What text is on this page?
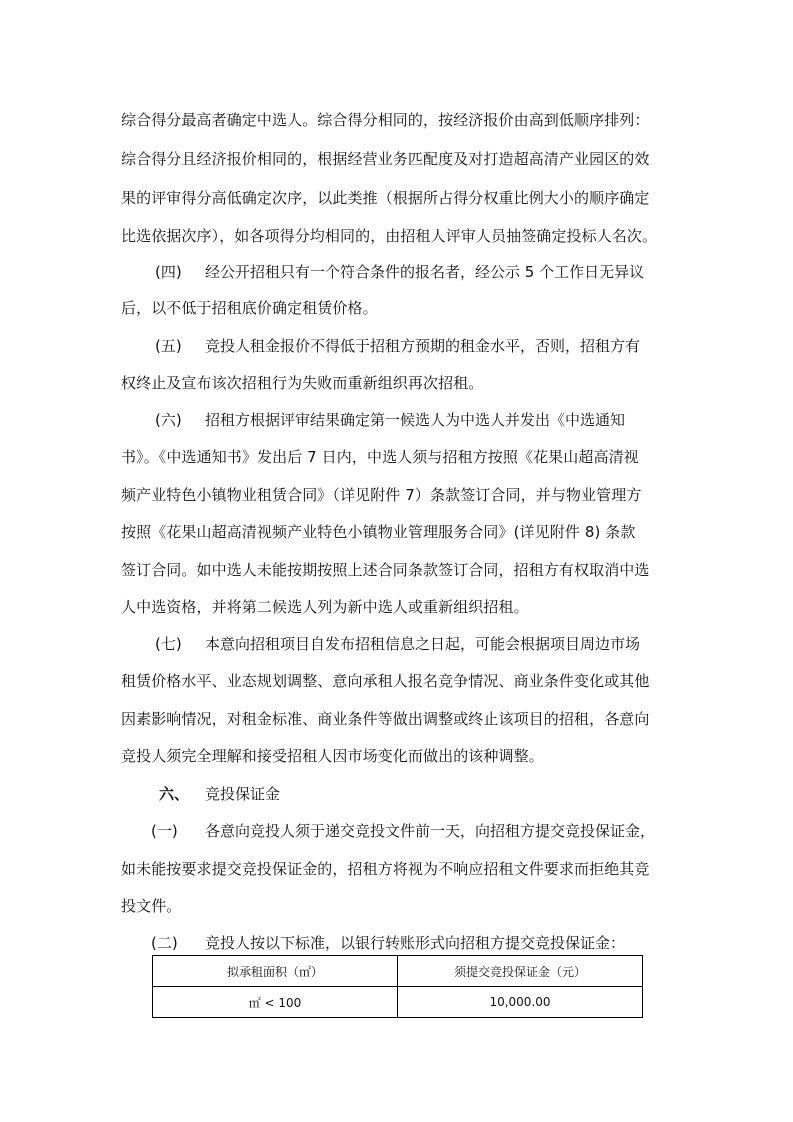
综合得分最高者确定中选人。综合得分相同的，按经济报价由高到低顺序排列：
综合得分且经济报价相同的，根据经营业务匹配度及对打造超高清产业园区的效
果的评审得分高低确定次序，以此类推（根据所占得分权重比例大小的顺序确定
比选依据次序），如各项得分均相同的，由招租人评审人员抽签确定投标人名次。
(四) 经公开招租只有一个符合条件的报名者，经公示 5 个工作日无异议
后，以不低于招租底价确定租赁价格。
(五) 竞投人租金报价不得低于招租方预期的租金水平，否则，招租方有
权终止及宣布该次招租行为失败而重新组织再次招租。
(六) 招租方根据评审结果确定第一候选人为中选人并发出《中选通知
书》。《中选通知书》发出后 7 日内，中选人须与招租方按照《花果山超高清视
频产业特色小镇物业租赁合同》（详见附件 7）条款签订合同，并与物业管理方
按照《花果山超高清视频产业特色小镇物业管理服务合同》(详见附件 8) 条款
签订合同。如中选人未能按期按照上述合同条款签订合同，招租方有权取消中选
人中选资格，并将第二候选人列为新中选人或重新组织招租。
(七) 本意向招租项目自发布招租信息之日起，可能会根据项目周边市场
租赁价格水平、业态规划调整、意向承租人报名竞争情况、商业条件变化或其他
因素影响情况，对租金标准、商业条件等做出调整或终止该项目的招租，各意向
竞投人须完全理解和接受招租人因市场变化而做出的该种调整。
六、 竞投保证金
(一) 各意向竞投人须于递交竞投文件前一天，向招租方提交竞投保证金，
如未能按要求提交竞投保证金的，招租方将视为不响应招租文件要求而拒绝其竞
投文件。
(二) 竞投人按以下标准，以银行转账形式向招租方提交竞投保证金：
拟承租面积（㎡）	须提交竞投保证金（元）
㎡ < 100	10,000.00
